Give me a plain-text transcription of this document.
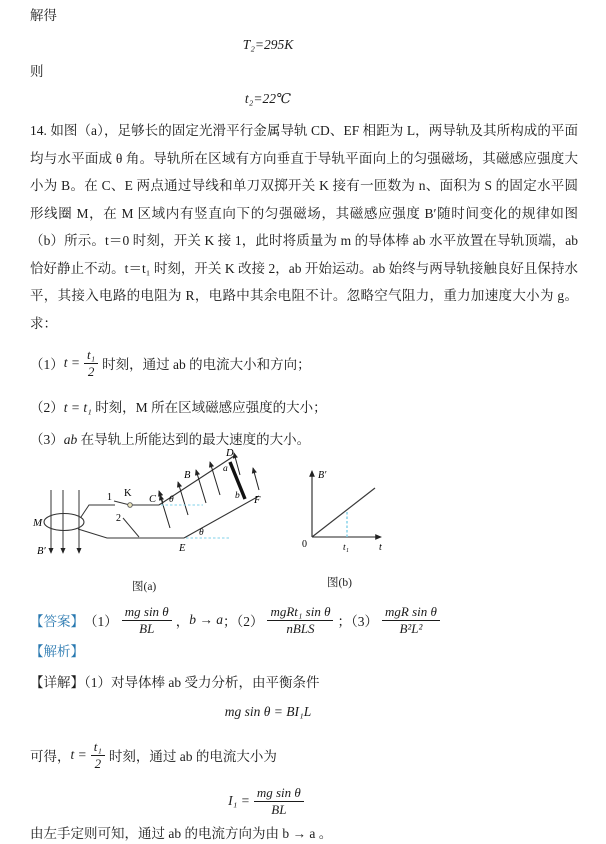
解得
T₂=295K
则
t₂=22℃
14. 如图（a），足够长的固定光滑平行金属导轨 CD、EF 相距为 L，两导轨及其所构成的平面均与水平面成 θ 角。导轨所在区域有方向垂直于导轨平面向上的匀强磁场，其磁感应强度大小为 B。在 C、E 两点通过导线和单刀双掷开关 K 接有一匝数为 n、面积为 S 的固定水平圆形线圈 M，在 M 区域内有竖直向下的匀强磁场，其磁感应强度 B′随时间变化的规律如图（b）所示。t＝0 时刻，开关 K 接 1，此时将质量为 m 的导体棒 ab 水平放置在导轨顶端，ab 恰好静止不动。t＝t₁ 时刻，开关 K 改接 2，ab 开始运动。ab 始终与两导轨接触良好且保持水平，其接入电路的电阻为 R，电路中其余电阻不计。忽略空气阻力，重力加速度大小为 g。求：
（1） $t = \frac{\text{t₁}}{2}$ 时刻，通过 ab 的电流大小和方向；
（2）t = t₁ 时刻，M 所在区域磁感应强度的大小；
（3）ab 在导轨上所能达到的最大速度的大小。
M
B′
1 K
2
C
D
E
F
a
b
B
θ
θ
B′
t
0	t₁
图(a)	图(b)
【答案】 $(1) \frac{\text{mg sin θ}}{BL}$ ， b → a ；$(2) \frac{\text{mgRt₁ sin θ}}{\text{nBLS}}$ ；$(3) \frac{\text{mgR sin θ}}{\text{B²L²}}$
【解析】
【详解】（1）对导体棒 ab 受力分析，由平衡条件
mg sin θ = BI₁L
可得， $t = \frac{\text{t₁}}{2}$ 时刻，通过 ab 的电流大小为
$I_1 = \frac{\text{mg sin θ}}{BL}$
由左手定则可知，通过 ab 的电流方向为由 b → a 。
